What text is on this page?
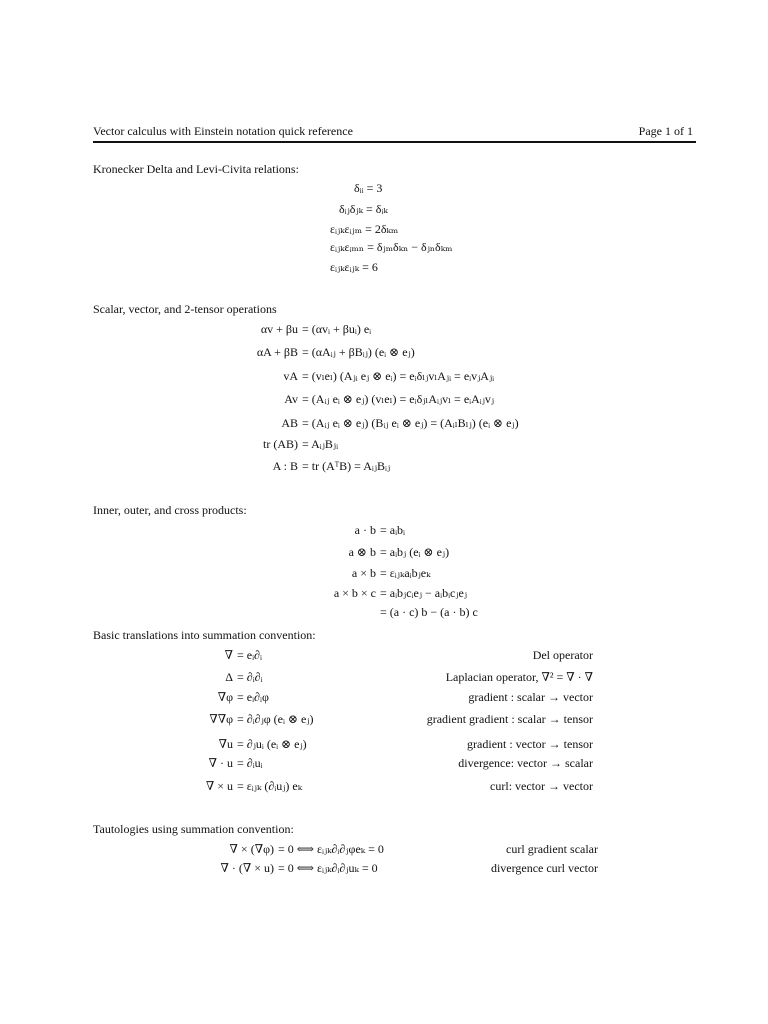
Vector calculus with Einstein notation quick reference	Page 1 of 1
Kronecker Delta and Levi-Civita relations:
δᵢᵢ = 3
δᵢⱼδⱼₖ = δᵢₖ
εᵢⱼₖεᵢⱼₘ = 2δₖₘ
εᵢⱼₖεᵢₘₙ = δⱼₘδₖₙ − δⱼₙδₖₘ
εᵢⱼₖεᵢⱼₖ = 6
Scalar, vector, and 2-tensor operations
αv + βu = (αvᵢ + βuᵢ) eᵢ
αA + βB = (αAᵢⱼ + βBᵢⱼ) (eᵢ ⊗ eⱼ)
vA = (vₗeₗ) (Aⱼᵢ eⱼ ⊗ eᵢ) = eᵢδₗⱼvₗAⱼᵢ = eᵢvⱼAⱼᵢ
Av = (Aᵢⱼ eᵢ ⊗ eⱼ) (vₗeₗ) = eᵢδⱼₗAᵢⱼvₗ = eᵢAᵢⱼvⱼ
AB = (Aᵢⱼ eᵢ ⊗ eⱼ) (Bᵢⱼ eᵢ ⊗ eⱼ) = (AᵢₗBₗⱼ) (eᵢ ⊗ eⱼ)
tr (AB) = AᵢⱼBⱼᵢ
A : B = tr (AᵀB) = AᵢⱼBᵢⱼ
Inner, outer, and cross products:
a · b = aᵢbᵢ
a ⊗ b = aᵢbⱼ (eᵢ ⊗ eⱼ)
a × b = εᵢⱼₖaᵢbⱼeₖ
a × b × c = aᵢbⱼcᵢeⱼ − aᵢbᵢcⱼeⱼ
= (a · c) b − (a · b) c
Basic translations into summation convention:
∇ = eᵢ∂ᵢ	Del operator
Δ = ∂ᵢ∂ᵢ	Laplacian operator, ∇² = ∇ · ∇
∇φ = eᵢ∂ᵢφ	gradient : scalar → vector
∇∇φ = ∂ᵢ∂ⱼφ (eᵢ ⊗ eⱼ)	gradient gradient : scalar → tensor
∇u = ∂ⱼuᵢ (eᵢ ⊗ eⱼ)	gradient : vector → tensor
∇ · u = ∂ᵢuᵢ	divergence: vector → scalar
∇ × u = εᵢⱼₖ (∂ᵢuⱼ) eₖ	curl: vector → vector
Tautologies using summation convention:
∇ × (∇φ) = 0 ⟺ εᵢⱼₖ∂ᵢ∂ⱼφeₖ = 0	curl gradient scalar
∇ · (∇ × u) = 0 ⟺ εᵢⱼₖ∂ᵢ∂ⱼuₖ = 0	divergence curl vector
